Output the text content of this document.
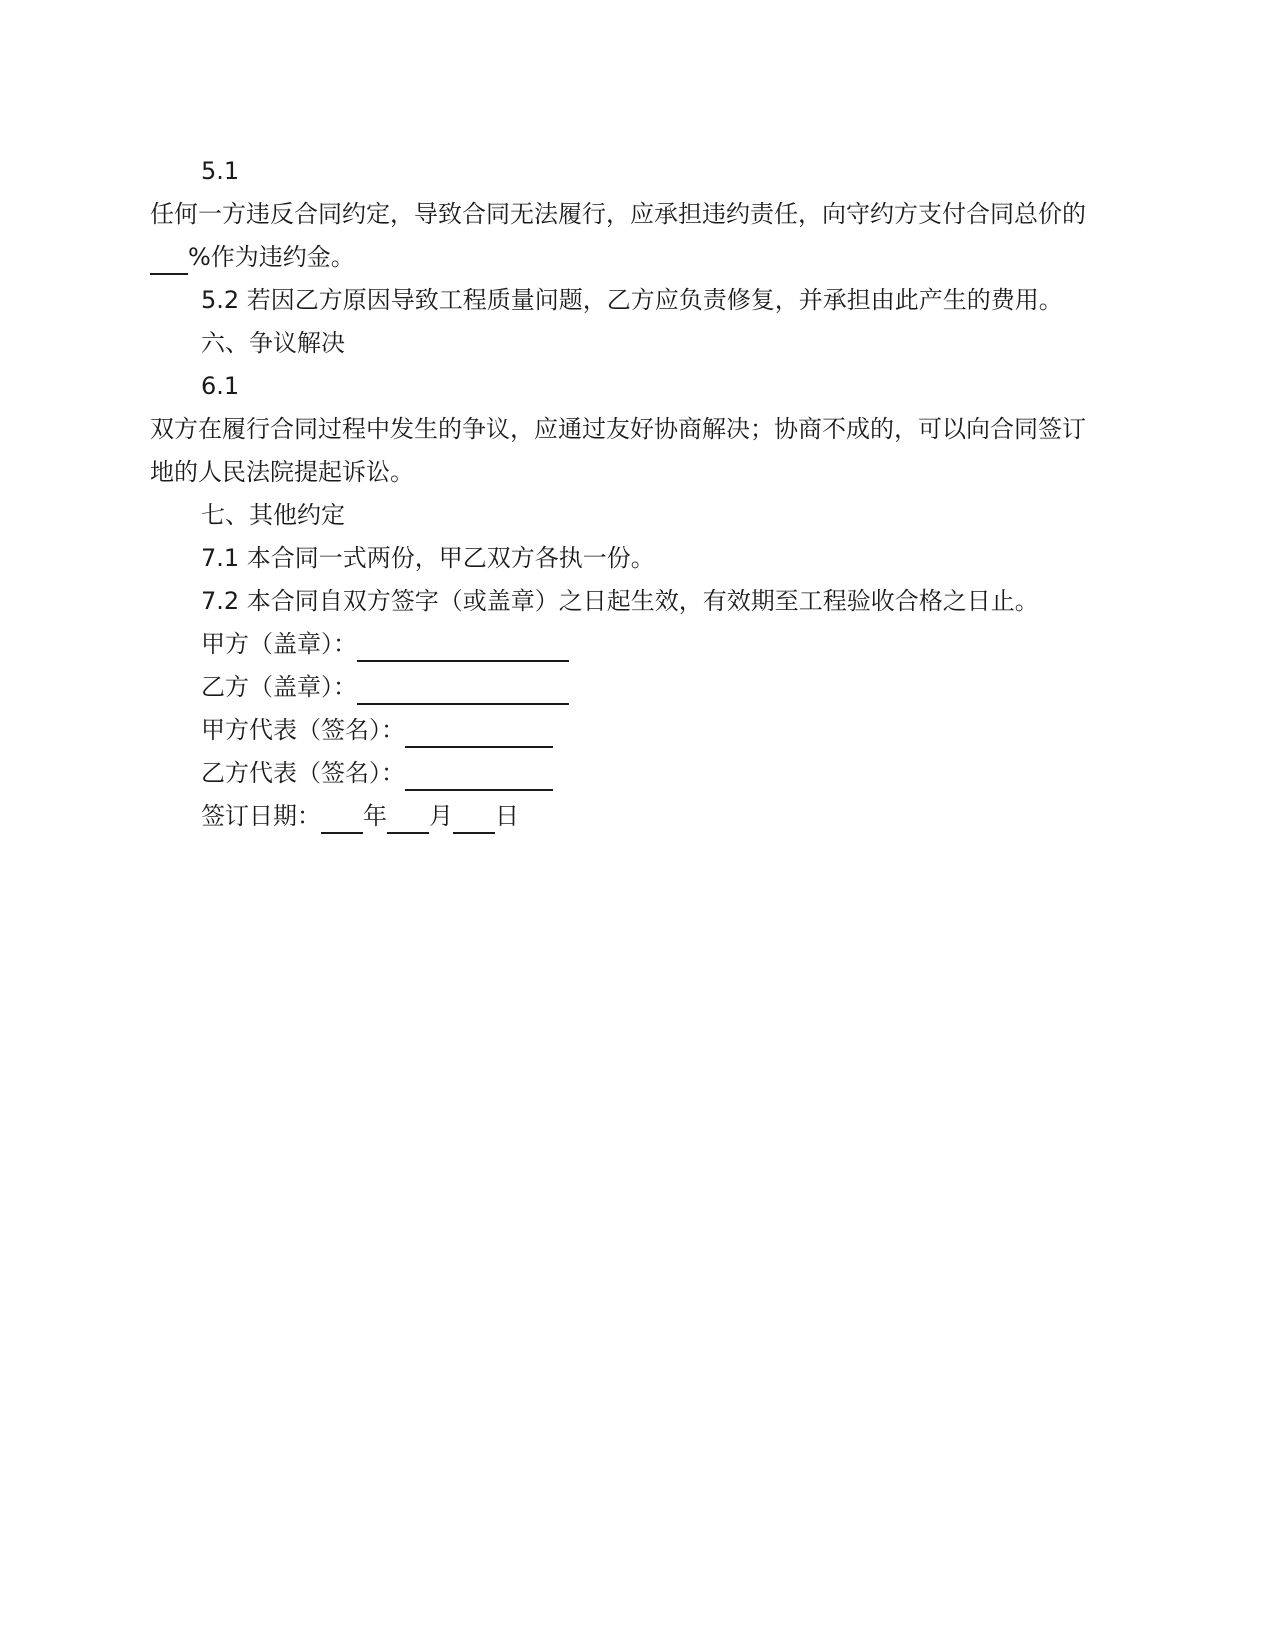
5.1
任何一方违反合同约定，导致合同无法履行，应承担违约责任，向守约方支付合同总价的
%作为违约金。
5.2 若因乙方原因导致工程质量问题，乙方应负责修复，并承担由此产生的费用。
六、争议解决
6.1
双方在履行合同过程中发生的争议，应通过友好协商解决；协商不成的，可以向合同签订
地的人民法院提起诉讼。
七、其他约定
7.1 本合同一式两份，甲乙双方各执一份。
7.2 本合同自双方签字（或盖章）之日起生效，有效期至工程验收合格之日止。
甲方（盖章）：
乙方（盖章）：
甲方代表（签名）：
乙方代表（签名）：
签订日期： 年 月 日
